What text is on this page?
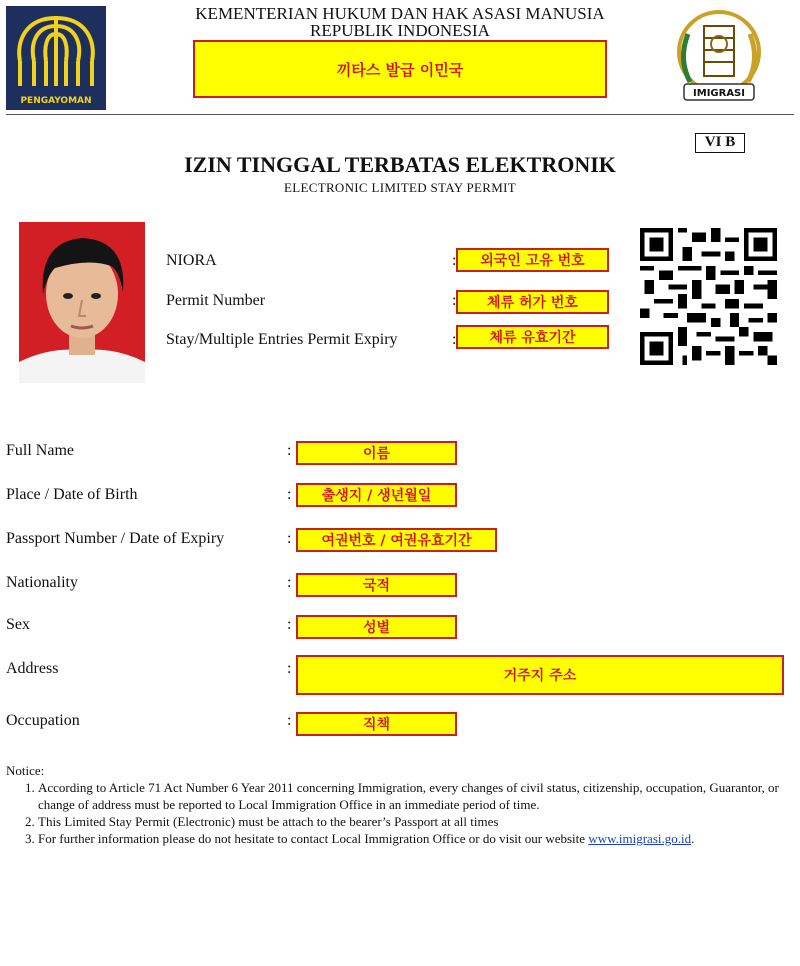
PENGAYOMAN
KEMENTERIAN HUKUM DAN HAK ASASI MANUSIA
REPUBLIK INDONESIA
끼타스 발급 이민국
IMIGRASI
VI B
IZIN TINGGAL TERBATAS ELEKTRONIK
ELECTRONIC LIMITED STAY PERMIT
NIORA	:	외국인 고유 번호
Permit Number	:	체류 허가 번호
Stay/Multiple Entries Permit Expiry	:	체류 유효기간
Full Name	:	이름
Place / Date of Birth	:	출생지 / 생년월일
Passport Number / Date of Expiry	:	여권번호 / 여권유효기간
Nationality	:	국적
Sex	:	성별
Address	:	거주지 주소
Occupation	:	직책
Notice:
1. According to Article 71 Act Number 6 Year 2011 concerning Immigration, every changes of civil status, citizenship, occupation, Guarantor, or change of address must be reported to Local Immigration Office in an immediate period of time.
2. This Limited Stay Permit (Electronic) must be attach to the bearer’s Passport at all times
3. For further information please do not hesitate to contact Local Immigration Office or do visit our website www.imigrasi.go.id.
